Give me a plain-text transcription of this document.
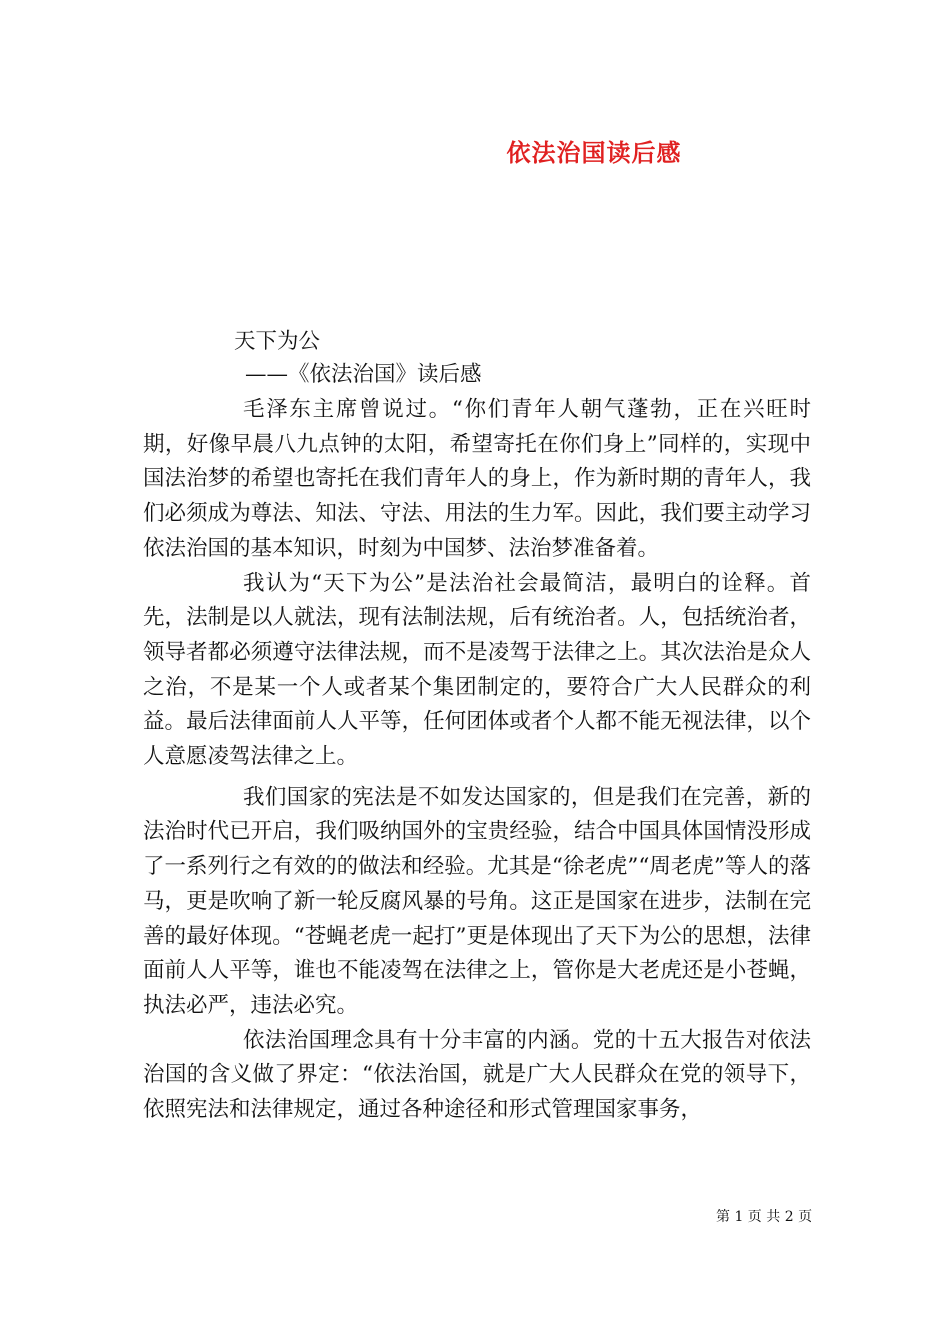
依法治国读后感
天下为公
——《依法治国》读后感

毛泽东主席曾说过。“你们青年人朝气蓬勃，正在兴旺时期，好像早晨八九点钟的太阳，希望寄托在你们身上”同样的，实现中国法治梦的希望也寄托在我们青年人的身上，作为新时期的青年人，我们必须成为尊法、知法、守法、用法的生力军。因此，我们要主动学习依法治国的基本知识，时刻为中国梦、法治梦准备着。

我认为“天下为公”是法治社会最简洁，最明白的诠释。首先，法制是以人就法，现有法制法规，后有统治者。人，包括统治者，领导者都必须遵守法律法规，而不是凌驾于法律之上。其次法治是众人之治，不是某一个人或者某个集团制定的，要符合广大人民群众的利益。最后法律面前人人平等，任何团体或者个人都不能无视法律，以个人意愿凌驾法律之上。

我们国家的宪法是不如发达国家的，但是我们在完善，新的法治时代已开启，我们吸纳国外的宝贵经验，结合中国具体国情没形成了一系列行之有效的的做法和经验。尤其是“徐老虎”“周老虎”等人的落马，更是吹响了新一轮反腐风暴的号角。这正是国家在进步，法制在完善的最好体现。“苍蝇老虎一起打”更是体现出了天下为公的思想，法律面前人人平等，谁也不能凌驾在法律之上，管你是大老虎还是小苍蝇，执法必严，违法必究。

依法治国理念具有十分丰富的内涵。党的十五大报告对依法治国的含义做了界定：“依法治国，就是广大人民群众在党的领导下，依照宪法和法律规定，通过各种途径和形式管理国家事务，

第 1 页 共 2 页
